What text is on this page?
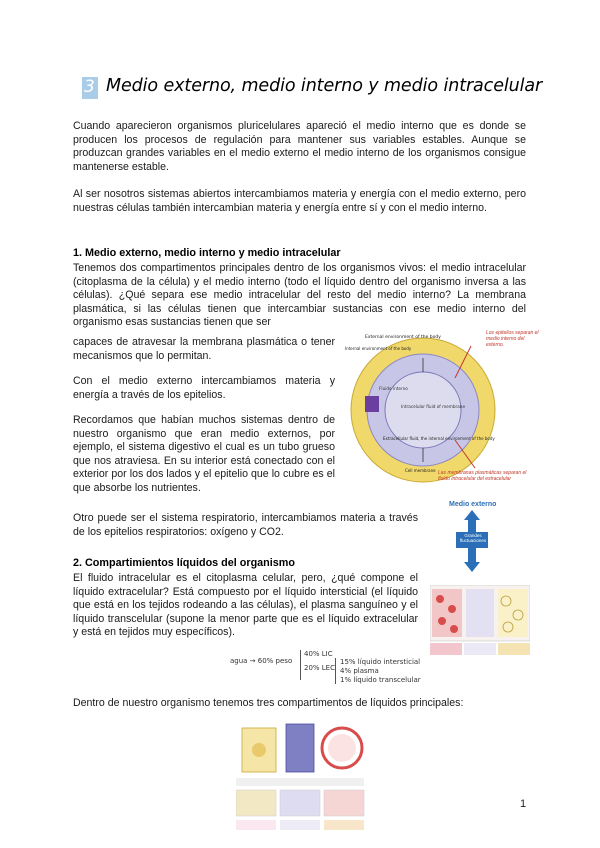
3 Medio externo, medio interno y medio intracelular

Cuando aparecieron organismos pluricelulares apareció el medio interno que es donde se producen los procesos de regulación para mantener sus variables estables. Aunque se produzcan grandes variables en el medio externo el medio interno de los organismos consigue mantenerse estable.

Al ser nosotros sistemas abiertos intercambiamos materia y energía con el medio externo, pero nuestras células también intercambian materia y energía entre sí y con el medio interno.

1. Medio externo, medio interno y medio intracelular

Tenemos dos compartimentos principales dentro de los organismos vivos: el medio intracelular (citoplasma de la célula) y el medio interno (todo el líquido dentro del organismo inversa a las células). ¿Qué separa ese medio intracelular del resto del medio interno? La membrana plasmática, si las células tienen que intercambiar sustancias con ese medio interno del organismo esas sustancias tienen que ser

capaces de atravesar la membrana plasmática o tener mecanismos que lo permitan.

Con el medio externo intercambiamos materia y energía a través de los epitelios.

Recordamos que habían muchos sistemas dentro de nuestro organismo que eran medio externos, por ejemplo, el sistema digestivo el cual es un tubo grueso que nos atraviesa. En su interior está conectado con el exterior por los dos lados y el epitelio que lo cubre es el que absorbe los nutrientes.

Otro puede ser el sistema respiratorio, intercambiamos materia a través de los epitelios respiratorios: oxígeno y CO2.

2. Compartimientos líquidos del organismo

El fluido intracelular es el citoplasma celular, pero, ¿qué compone el líquido extracelular? Está compuesto por el líquido intersticial (el líquido que está en los tejidos rodeando a las células), el plasma sanguíneo y el líquido transcelular (supone la menor parte que es el líquido extracelular y está en tejidos muy específicos).

agua → 60% peso
40% LIC
20% LEC
15% líquido intersticial
4% plasma
1% líquido transcelular

Dentro de nuestro organismo tenemos tres compartimentos de líquidos principales:

External environment of the body
Internal environment of the body
Fluido interno
Intracelular fluid of membrane
Extracellular fluid, the internal environment of the body
Cell membrane
Los epitelios separan el medio interno del externo.
Las membranas plasmáticas separan el fluido intracelular del extracelular
Medio externo
Grandes fluctuaciones
1
